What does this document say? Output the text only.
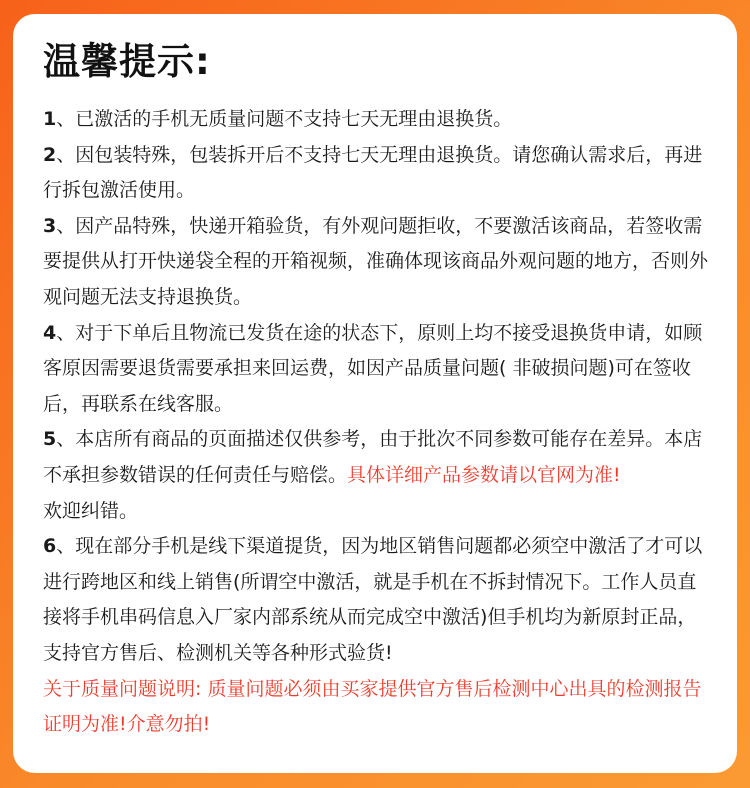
温馨提示:

1、已激活的手机无质量问题不支持七天无理由退换货。

2、因包装特殊，包装拆开后不支持七天无理由退换货。请您确认需求后，再进行拆包激活使用。

3、因产品特殊，快递开箱验货，有外观问题拒收，不要激活该商品，若签收需要提供从打开快递袋全程的开箱视频，准确体现该商品外观问题的地方，否则外观问题无法支持退换货。

4、对于下单后且物流已发货在途的状态下，原则上均不接受退换货申请，如顾客原因需要退货需要承担来回运费，如因产品质量问题( 非破损问题)可在签收后，再联系在线客服。

5、本店所有商品的页面描述仅供参考，由于批次不同参数可能存在差异。本店不承担参数错误的任何责任与赔偿。具体详细产品参数请以官网为准!
欢迎纠错。

6、现在部分手机是线下渠道提货，因为地区销售问题都必须空中激活了才可以进行跨地区和线上销售(所谓空中激活，就是手机在不拆封情况下。工作人员直接将手机串码信息入厂家内部系统从而完成空中激活)但手机均为新原封正品，支持官方售后、检测机关等各种形式验货!

关于质量问题说明: 质量问题必须由买家提供官方售后检测中心出具的检测报告证明为准!介意勿拍!
